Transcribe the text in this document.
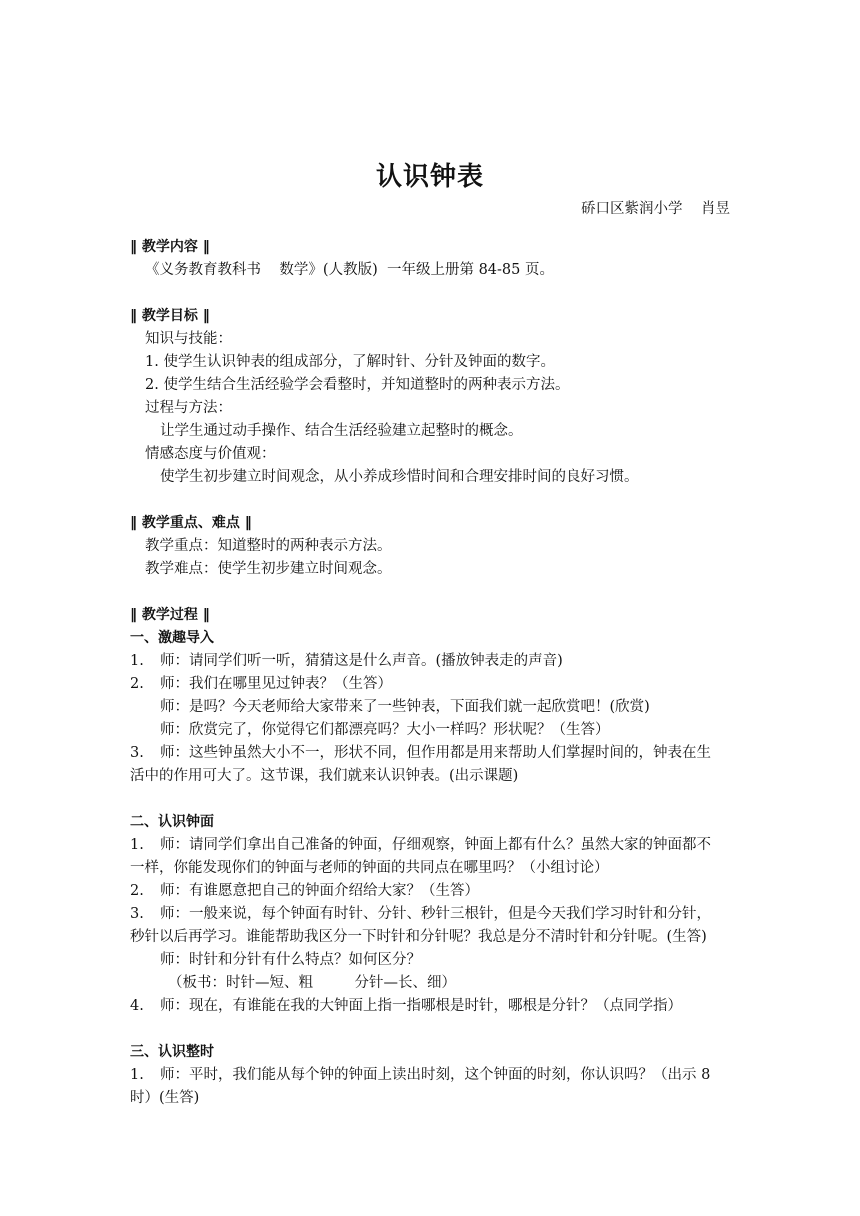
认识钟表
硚口区紫润小学    肖昱
‖ 教学内容 ‖
《义务教育教科书    数学》(人教版)  一年级上册第 84-85 页。
‖ 教学目标 ‖
知识与技能：
1. 使学生认识钟表的组成部分，了解时针、分针及钟面的数字。
2. 使学生结合生活经验学会看整时，并知道整时的两种表示方法。
过程与方法：
让学生通过动手操作、结合生活经验建立起整时的概念。
情感态度与价值观：
使学生初步建立时间观念，从小养成珍惜时间和合理安排时间的良好习惯。
‖ 教学重点、难点 ‖
教学重点：知道整时的两种表示方法。
教学难点：使学生初步建立时间观念。
‖ 教学过程 ‖
一、激趣导入
1. 师：请同学们听一听，猜猜这是什么声音。(播放钟表走的声音)
2. 师：我们在哪里见过钟表？（生答）
师：是吗？今天老师给大家带来了一些钟表，下面我们就一起欣赏吧！(欣赏)
师：欣赏完了，你觉得它们都漂亮吗？大小一样吗？形状呢？（生答）
3. 师：这些钟虽然大小不一，形状不同，但作用都是用来帮助人们掌握时间的，钟表在生
活中的作用可大了。这节课，我们就来认识钟表。(出示课题)
二、认识钟面
1. 师：请同学们拿出自己准备的钟面，仔细观察，钟面上都有什么？虽然大家的钟面都不
一样，你能发现你们的钟面与老师的钟面的共同点在哪里吗？（小组讨论）
2. 师：有谁愿意把自己的钟面介绍给大家？（生答）
3. 师：一般来说，每个钟面有时针、分针、秒针三根针，但是今天我们学习时针和分针，
秒针以后再学习。谁能帮助我区分一下时针和分针呢？我总是分不清时针和分针呢。(生答)
师：时针和分针有什么特点？如何区分？
（板书：时针—短、粗         分针—长、细）
4. 师：现在，有谁能在我的大钟面上指一指哪根是时针，哪根是分针？（点同学指）
三、认识整时
1. 师：平时，我们能从每个钟的钟面上读出时刻，这个钟面的时刻，你认识吗？（出示 8
时）(生答)
